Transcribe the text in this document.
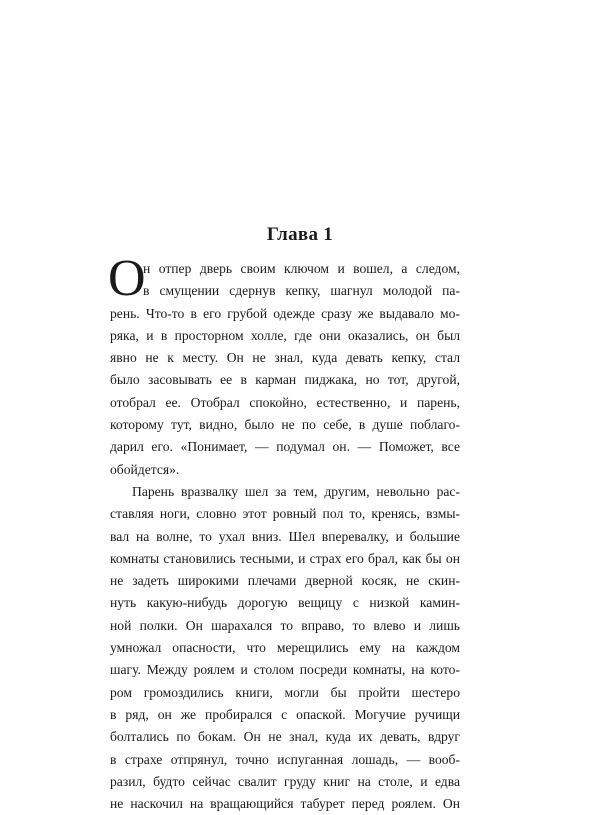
Глава 1
О
н отпер дверь своим ключом и вошел, а следом,
в смущении сдернув кепку, шагнул молодой па-
рень. Что-то в его грубой одежде сразу же выдавало мо-
ряка, и в просторном холле, где они оказались, он был
явно не к месту. Он не знал, куда девать кепку, стал
было засовывать ее в карман пиджака, но тот, другой,
отобрал ее. Отобрал спокойно, естественно, и парень,
которому тут, видно, было не по себе, в душе поблаго-
дарил его. «Понимает, — подумал он. — Поможет, все
обойдется».
Парень вразвалку шел за тем, другим, невольно рас-
ставляя ноги, словно этот ровный пол то, кренясь, взмы-
вал на волне, то ухал вниз. Шел вперевалку, и большие
комнаты становились тесными, и страх его брал, как бы он
не задеть широкими плечами дверной косяк, не скин-
нуть какую-нибудь дорогую вещицу с низкой камин-
ной полки. Он шарахался то вправо, то влево и лишь
умножал опасности, что мерещились ему на каждом
шагу. Между роялем и столом посреди комнаты, на кото-
ром громоздились книги, могли бы пройти шестеро
в ряд, он же пробирался с опаской. Могучие ручищи
болтались по бокам. Он не знал, куда их девать, вдруг
в страхе отпрянул, точно испуганная лошадь, — вооб-
разил, будто сейчас свалит груду книг на столе, и едва
не наскочил на вращающийся табурет перед роялем. Он
